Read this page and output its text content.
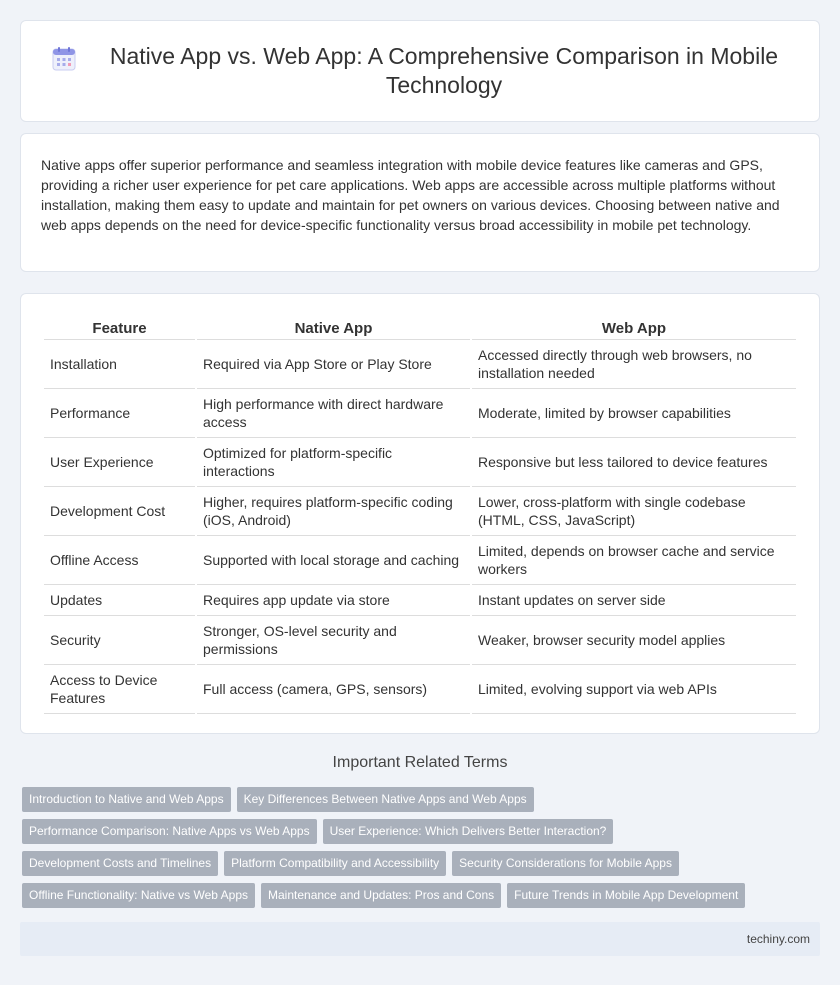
Native App vs. Web App: A Comprehensive Comparison in Mobile Technology

Native apps offer superior performance and seamless integration with mobile device features like cameras and GPS, providing a richer user experience for pet care applications. Web apps are accessible across multiple platforms without installation, making them easy to update and maintain for pet owners on various devices. Choosing between native and web apps depends on the need for device-specific functionality versus broad accessibility in mobile pet technology.

Feature	Native App	Web App
Installation	Required via App Store or Play Store	Accessed directly through web browsers, no installation needed
Performance	High performance with direct hardware access	Moderate, limited by browser capabilities
User Experience	Optimized for platform-specific interactions	Responsive but less tailored to device features
Development Cost	Higher, requires platform-specific coding (iOS, Android)	Lower, cross-platform with single codebase (HTML, CSS, JavaScript)
Offline Access	Supported with local storage and caching	Limited, depends on browser cache and service workers
Updates	Requires app update via store	Instant updates on server side
Security	Stronger, OS-level security and permissions	Weaker, browser security model applies
Access to Device Features	Full access (camera, GPS, sensors)	Limited, evolving support via web APIs
Important Related Terms
Introduction to Native and Web Apps	Key Differences Between Native Apps and Web Apps
Performance Comparison: Native Apps vs Web Apps	User Experience: Which Delivers Better Interaction?
Development Costs and Timelines	Platform Compatibility and Accessibility	Security Considerations for Mobile Apps
Offline Functionality: Native vs Web Apps	Maintenance and Updates: Pros and Cons	Future Trends in Mobile App Development
techiny.com
